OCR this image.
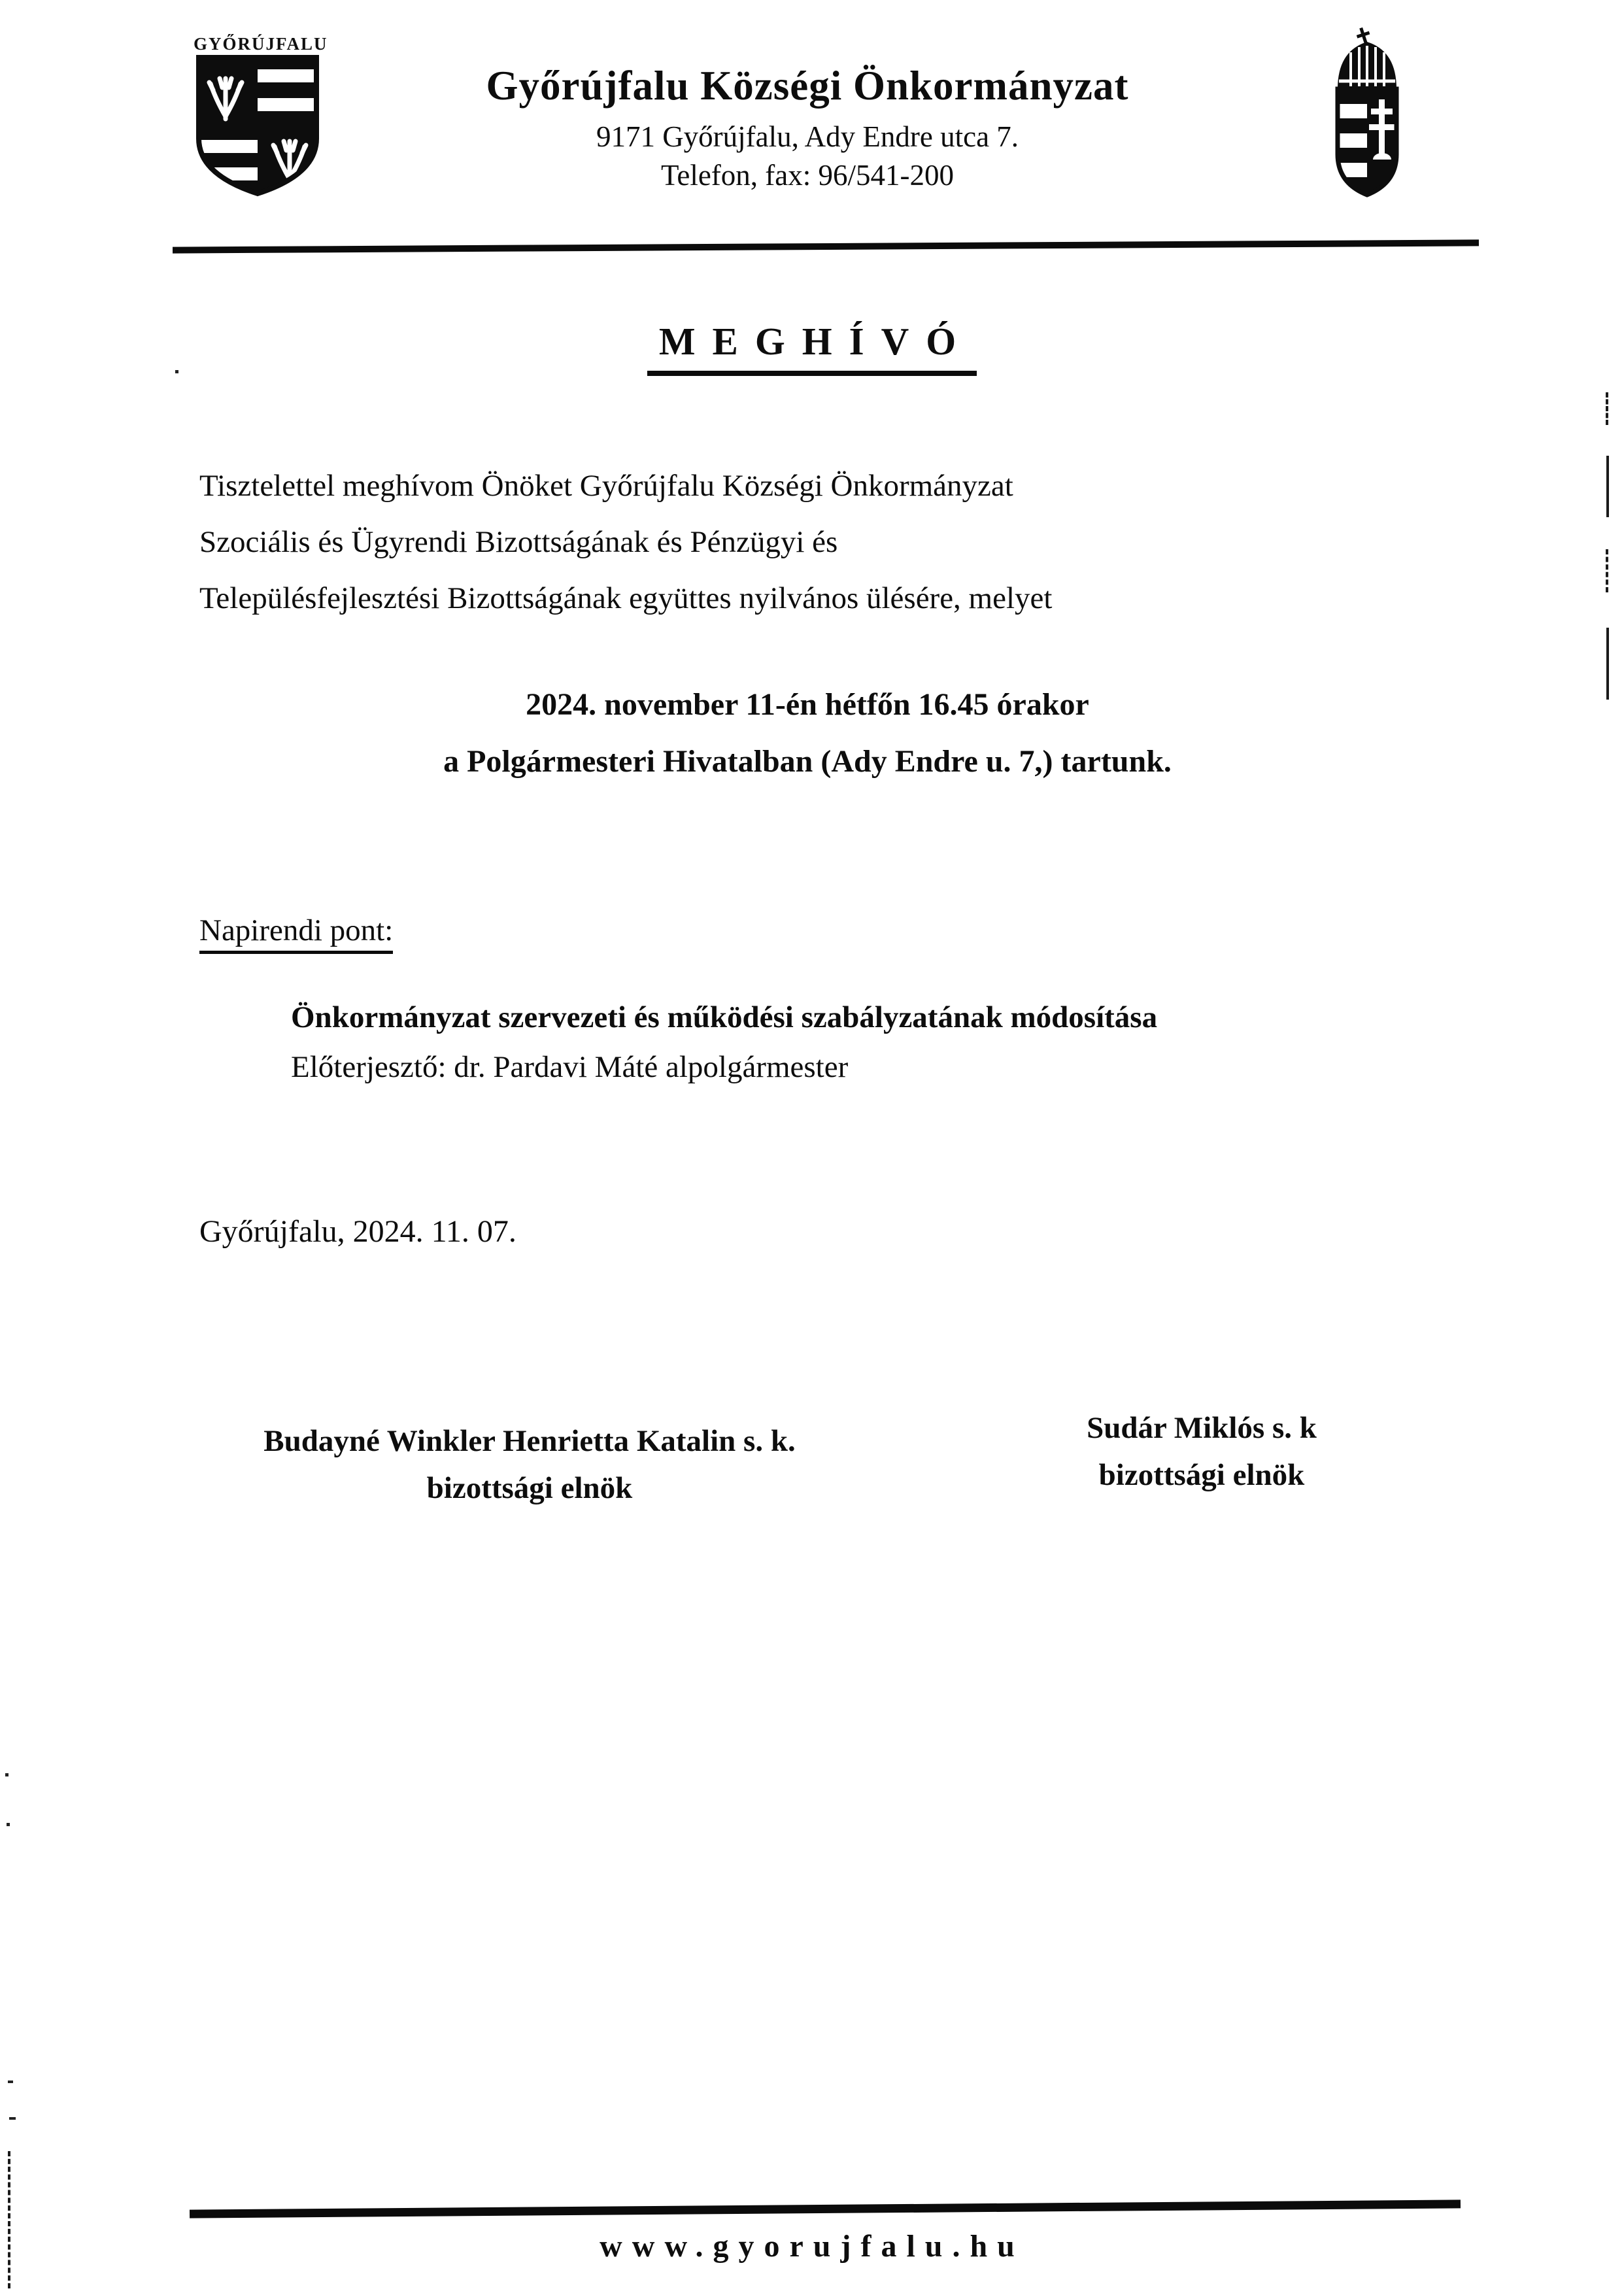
GYŐRÚJFALU
Győrújfalu Községi Önkormányzat
9171 Győrújfalu, Ady Endre utca 7.
Telefon, fax: 96/541-200
MEGHÍVÓ
Tisztelettel meghívom Önöket Győrújfalu Községi Önkormányzat
Szociális és Ügyrendi Bizottságának és Pénzügyi és
Településfejlesztési Bizottságának együttes nyilvános ülésére, melyet
2024. november 11-én hétfőn 16.45 órakor
a Polgármesteri Hivatalban (Ady Endre u. 7,) tartunk.
Napirendi pont:
Önkormányzat szervezeti és működési szabályzatának módosítása
Előterjesztő: dr. Pardavi Máté alpolgármester
Győrújfalu, 2024. 11. 07.
Budayné Winkler Henrietta Katalin s. k.
bizottsági elnök
Sudár Miklós s. k
bizottsági elnök
www.gyorujfalu.hu
